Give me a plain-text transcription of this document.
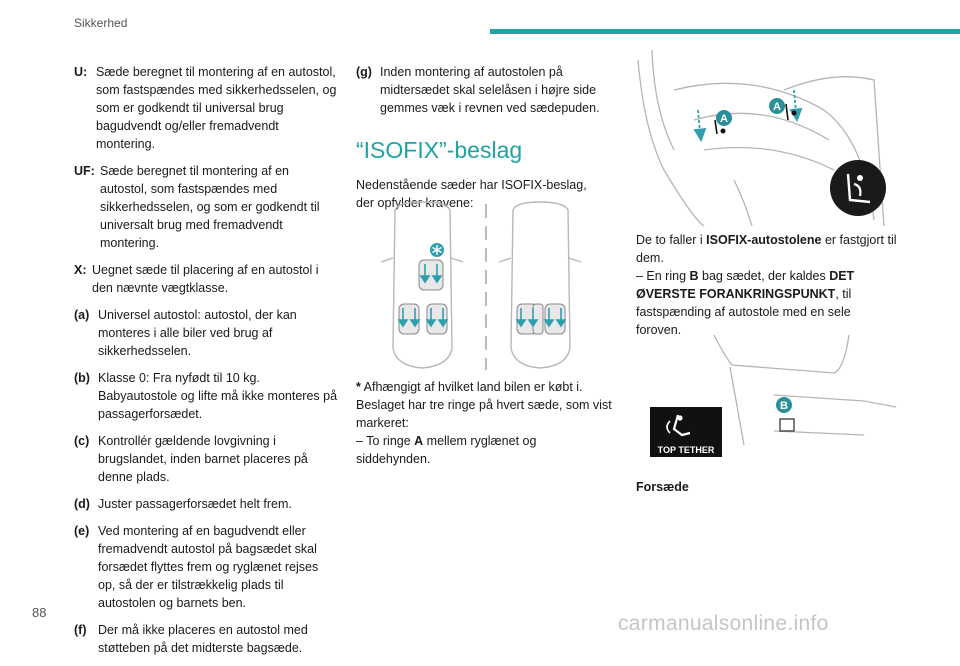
Sikkerhed
U: Sæde beregnet til montering af en autostol, som fastspændes med sikkerhedsselen, og som er godkendt til universal brug bagudvendt og/eller fremadvendt montering.
UF: Sæde beregnet til montering af en autostol, som fastspændes med sikkerhedsselen, og som er godkendt til universalt brug med fremadvendt montering.
X: Uegnet sæde til placering af en autostol i den nævnte vægtklasse.
(a) Universel autostol: autostol, der kan monteres i alle biler ved brug af sikkerhedsselen.
(b) Klasse 0: Fra nyfødt til 10 kg. Babyautostole og lifte må ikke monteres på passagerforsædet.
(c) Kontrollér gældende lovgivning i brugslandet, inden barnet placeres på denne plads.
(d) Juster passagerforsædet helt frem.
(e) Ved montering af en bagudvendt eller fremadvendt autostol på bagsædet skal forsædet flyttes frem og ryglænet rejses op, så der er tilstrækkelig plads til autostolen og barnets ben.
(f) Der må ikke placeres en autostol med støtteben på det midterste bagsæde.
(g) Inden montering af autostolen på midtersædet skal selelåsen i højre side gemmes væk i revnen ved sædepuden.
“ISOFIX”-beslag

Nedenstående sæder har ISOFIX-beslag, der opfylder kravene:

* Afhængigt af hvilket land bilen er købt i.

Beslaget har tre ringe på hvert sæde, som vist markeret:

– To ringe A mellem ryglænet og siddehynden.

A
A

De to faller i ISOFIX-autostolene er fastgjort til dem.

– En ring B bag sædet, der kaldes DET ØVERSTE FORANKRINGSPUNKT, til fastspænding af autostole med en sele foroven.

B
TOP TETHER
Forsæde
88	carmanualsonline.info
